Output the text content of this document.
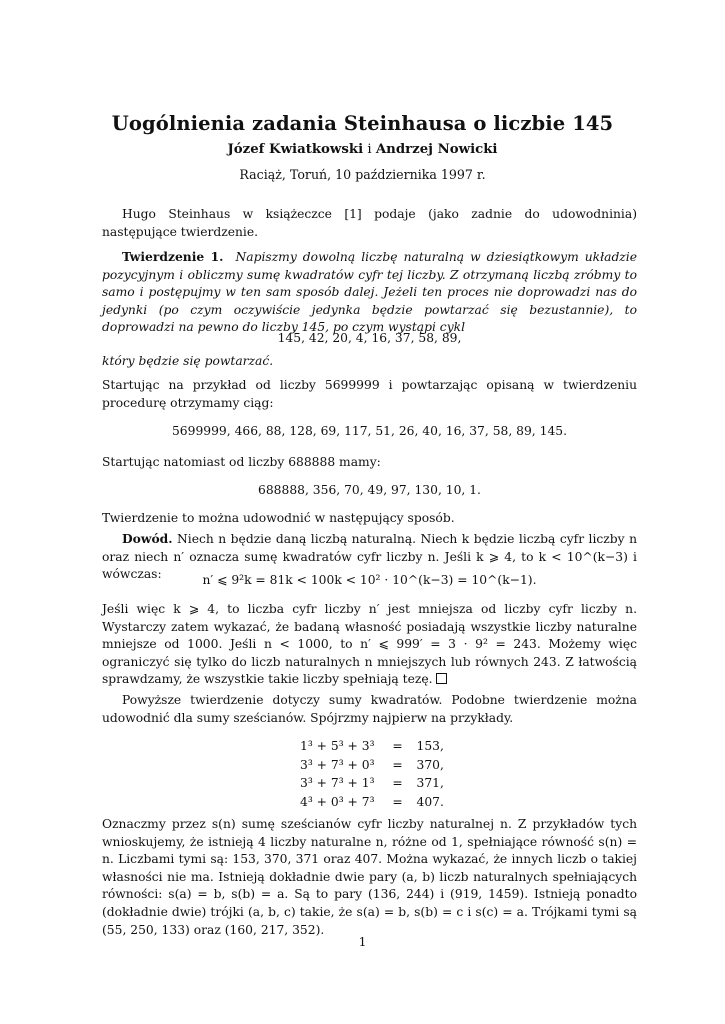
Uogólnienia zadania Steinhausa o liczbie 145
Józef Kwiatkowski i Andrzej Nowicki
Raciąż, Toruń, 10 października 1997 r.
Hugo Steinhaus w książeczce [1] podaje (jako zadnie do udowodninia) następujące twierdzenie.
Twierdzenie 1. Napiszmy dowolną liczbę naturalną w dziesiątkowym układzie pozycyjnym i obliczmy sumę kwadratów cyfr tej liczby. Z otrzymaną liczbą zróbmy to samo i postępujmy w ten sam sposób dalej. Jeżeli ten proces nie doprowadzi nas do jedynki (po czym oczywiście jedynka będzie powtarzać się bezustannie), to doprowadzi na pewno do liczby 145, po czym wystąpi cykl
145, 42, 20, 4, 16, 37, 58, 89,
który będzie się powtarzać.
Startując na przykład od liczby 5699999 i powtarzając opisaną w twierdzeniu procedurę otrzymamy ciąg:
5699999, 466, 88, 128, 69, 117, 51, 26, 40, 16, 37, 58, 89, 145.
Startując natomiast od liczby 688888 mamy:
688888, 356, 70, 49, 97, 130, 10, 1.
Twierdzenie to można udowodnić w następujący sposób.
Dowód. Niech n będzie daną liczbą naturalną. Niech k będzie liczbą cyfr liczby n oraz niech n′ oznacza sumę kwadratów cyfr liczby n. Jeśli k ⩾ 4, to k < 10^(k−3) i wówczas:	n′ ⩽ 9²k = 81k < 100k < 10² · 10^(k−3) = 10^(k−1).
Jeśli więc k ⩾ 4, to liczba cyfr liczby n′ jest mniejsza od liczby cyfr liczby n. Wystarczy zatem wykazać, że badaną własność posiadają wszystkie liczby naturalne mniejsze od 1000. Jeśli n < 1000, to n′ ⩽ 999′ = 3 · 9² = 243. Możemy więc ograniczyć się tylko do liczb naturalnych n mniejszych lub równych 243. Z łatwością sprawdzamy, że wszystkie takie liczby spełniają tezę.
Powyższe twierdzenie dotyczy sumy kwadratów. Podobne twierdzenie można udowodnić dla sumy sześcianów. Spójrzmy najpierw na przykłady.
1³ + 5³ + 3³	=	153,
3³ + 7³ + 0³	=	370,
3³ + 7³ + 1³	=	371,
4³ + 0³ + 7³	=	407.
Oznaczmy przez s(n) sumę sześcianów cyfr liczby naturalnej n. Z przykładów tych wnioskujemy, że istnieją 4 liczby naturalne n, różne od 1, spełniające równość s(n) = n. Liczbami tymi są: 153, 370, 371 oraz 407. Można wykazać, że innych liczb o takiej własności nie ma. Istnieją dokładnie dwie pary (a, b) liczb naturalnych spełniających równości: s(a) = b, s(b) = a. Są to pary (136, 244) i (919, 1459). Istnieją ponadto (dokładnie dwie) trójki (a, b, c) takie, że s(a) = b, s(b) = c i s(c) = a. Trójkami tymi są (55, 250, 133) oraz (160, 217, 352).
1
